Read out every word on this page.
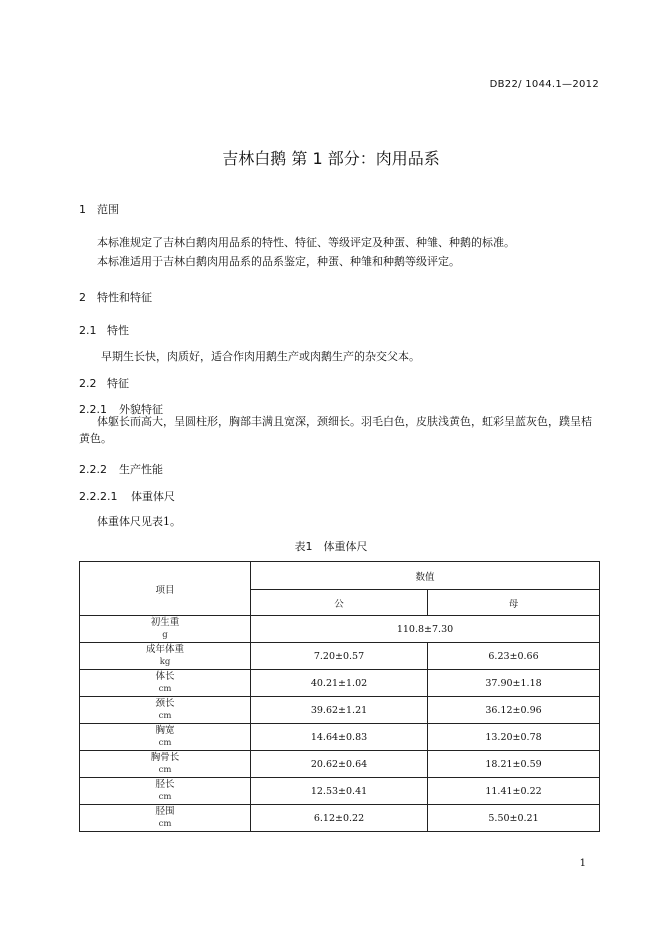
DB22/ 1044.1—2012
吉林白鹅 第 1 部分：肉用品系
1 范围
本标准规定了吉林白鹅肉用品系的特性、特征、等级评定及种蛋、种雏、种鹅的标准。
本标准适用于吉林白鹅肉用品系的品系鉴定，种蛋、种雏和种鹅等级评定。
2 特性和特征
2.1 特性
早期生长快，肉质好，适合作肉用鹅生产或肉鹅生产的杂交父本。
2.2 特征
2.2.1 外貌特征
体躯长而高大，呈圆柱形，胸部丰满且宽深，颈细长。羽毛白色，皮肤浅黄色，虹彩呈蓝灰色，蹼呈桔黄色。
2.2.2 生产性能
2.2.2.1 体重体尺
体重体尺见表1。
表1　体重体尺
项目	数值	
	公	母
初生重
g	110.8±7.30	
成年体重
kg	7.20±0.57	6.23±0.66
体长
cm	40.21±1.02	37.90±1.18
颈长
cm	39.62±1.21	36.12±0.96
胸宽
cm	14.64±0.83	13.20±0.78
胸骨长
cm	20.62±0.64	18.21±0.59
胫长
cm	12.53±0.41	11.41±0.22
胫围
cm	6.12±0.22	5.50±0.21
1
